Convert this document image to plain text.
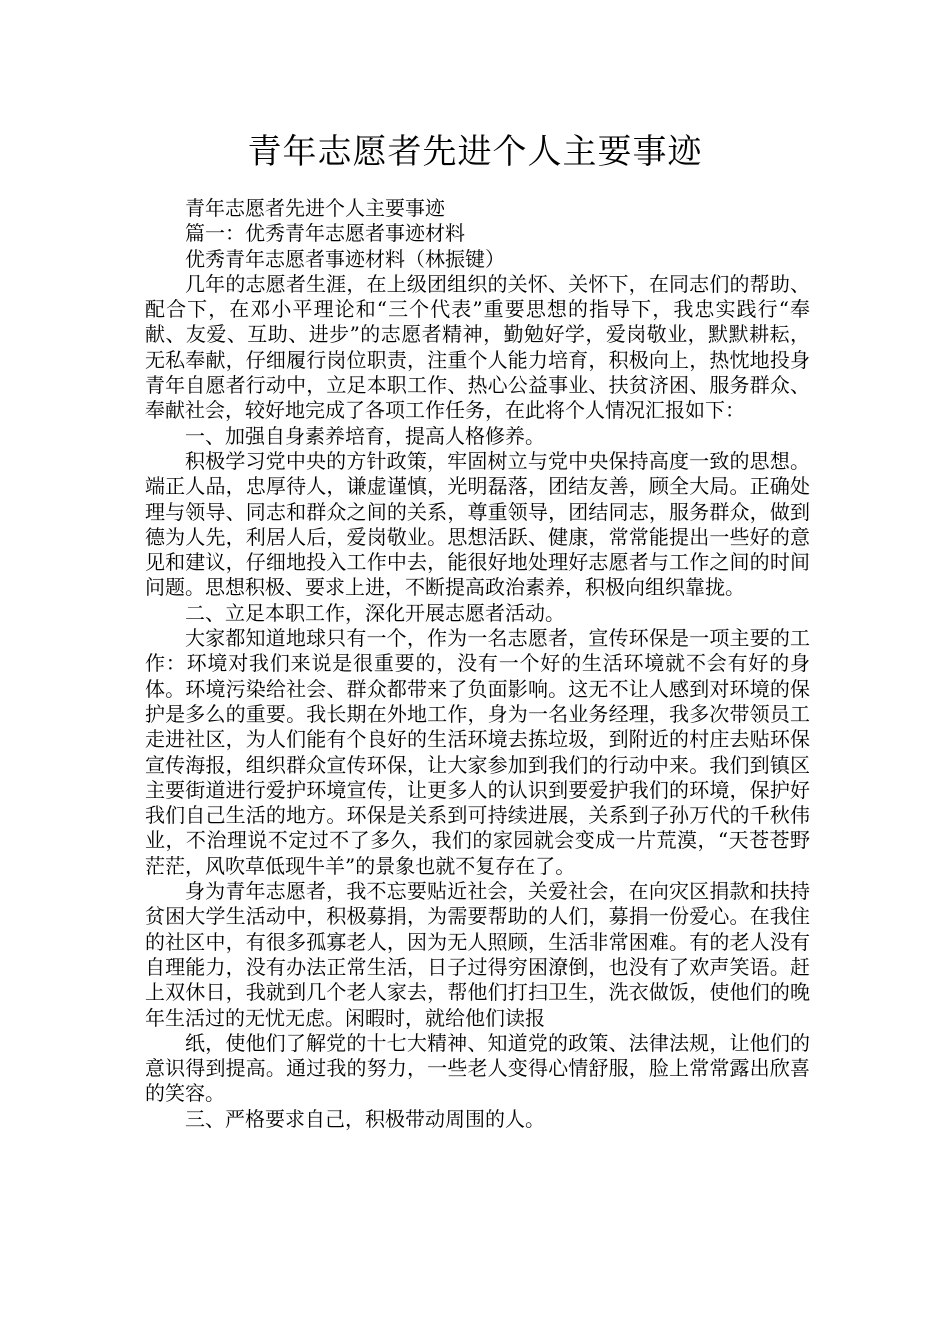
青年志愿者先进个人主要事迹

青年志愿者先进个人主要事迹

篇一：优秀青年志愿者事迹材料

优秀青年志愿者事迹材料（林振键）

几年的志愿者生涯，在上级团组织的关怀、关怀下，在同志们的帮助、配合下，在邓小平理论和“三个代表”重要思想的指导下，我忠实践行“奉献、友爱、互助、进步”的志愿者精神，勤勉好学，爱岗敬业，默默耕耘，无私奉献，仔细履行岗位职责，注重个人能力培育，积极向上，热忱地投身青年自愿者行动中，立足本职工作、热心公益事业、扶贫济困、服务群众、奉献社会，较好地完成了各项工作任务，在此将个人情况汇报如下：

一、加强自身素养培育，提高人格修养。

积极学习党中央的方针政策，牢固树立与党中央保持高度一致的思想。端正人品，忠厚待人，谦虚谨慎，光明磊落，团结友善，顾全大局。正确处理与领导、同志和群众之间的关系，尊重领导，团结同志，服务群众，做到德为人先，利居人后，爱岗敬业。思想活跃、健康，常常能提出一些好的意见和建议，仔细地投入工作中去，能很好地处理好志愿者与工作之间的时间问题。思想积极、要求上进，不断提高政治素养，积极向组织靠拢。

二、立足本职工作，深化开展志愿者活动。

大家都知道地球只有一个，作为一名志愿者，宣传环保是一项主要的工作：环境对我们来说是很重要的，没有一个好的生活环境就不会有好的身体。环境污染给社会、群众都带来了负面影响。这无不让人感到对环境的保护是多么的重要。我长期在外地工作，身为一名业务经理，我多次带领员工走进社区，为人们能有个良好的生活环境去拣垃圾，到附近的村庄去贴环保宣传海报，组织群众宣传环保，让大家参加到我们的行动中来。我们到镇区主要街道进行爱护环境宣传，让更多人的认识到要爱护我们的环境，保护好我们自己生活的地方。环保是关系到可持续进展，关系到子孙万代的千秋伟业，不治理说不定过不了多久，我们的家园就会变成一片荒漠，“天苍苍野茫茫，风吹草低现牛羊”的景象也就不复存在了。

身为青年志愿者，我不忘要贴近社会，关爱社会，在向灾区捐款和扶持贫困大学生活动中，积极募捐，为需要帮助的人们，募捐一份爱心。在我住的社区中，有很多孤寡老人，因为无人照顾，生活非常困难。有的老人没有自理能力，没有办法正常生活，日子过得穷困潦倒，也没有了欢声笑语。赶上双休日，我就到几个老人家去，帮他们打扫卫生，洗衣做饭，使他们的晚年生活过的无忧无虑。闲暇时，就给他们读报

纸，使他们了解党的十七大精神、知道党的政策、法律法规，让他们的意识得到提高。通过我的努力，一些老人变得心情舒服，脸上常常露出欣喜的笑容。

三、严格要求自己，积极带动周围的人。
